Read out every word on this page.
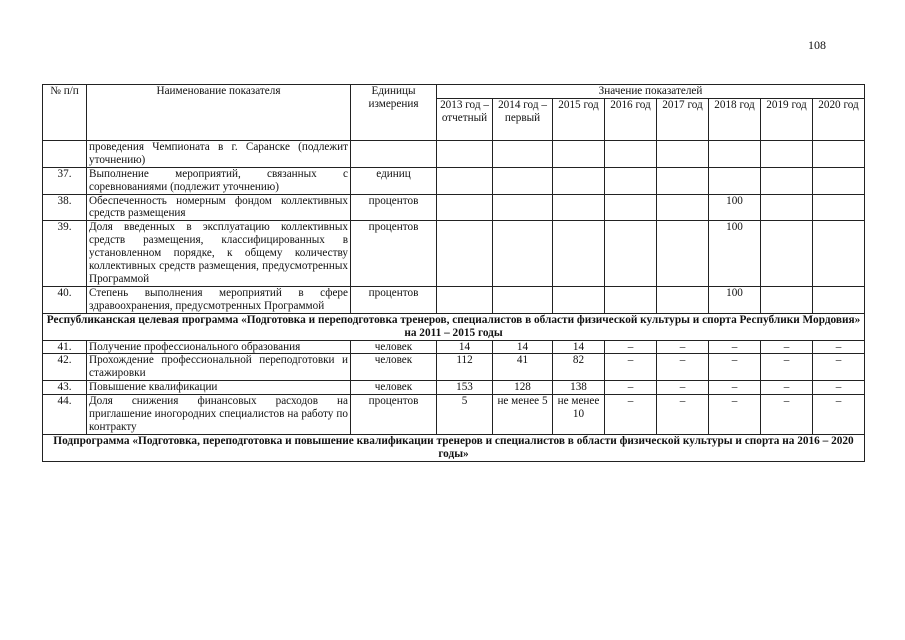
108
№ п/п	Наименование показателя	Единицы измерения	Значение показателей							
			2013 год – отчетный	2014 год – первый	2015 год	2016 год	2017 год	2018 год	2019 год	2020 год
	проведения Чемпионата в г. Саранске (подлежит уточнению)									
37.	Выполнение мероприятий, связанных с соревнованиями (подлежит уточнению)	единиц								
38.	Обеспеченность номерным фондом коллективных средств размещения	процентов						100		
39.	Доля введенных в эксплуатацию коллективных средств размещения, классифицированных в установленном порядке, к общему количеству коллективных средств размещения, предусмотренных Программой	процентов						100		
40.	Степень выполнения мероприятий в сфере здравоохранения, предусмотренных Программой	процентов						100		
Республиканская целевая программа «Подготовка и переподготовка тренеров, специалистов в области физической культуры и спорта Республики Мордовия» на 2011 – 2015 годы										
41.	Получение профессионального образования	человек	14	14	14	–	–	–	–	–
42.	Прохождение профессиональной переподготовки и стажировки	человек	112	41	82	–	–	–	–	–
43.	Повышение квалификации	человек	153	128	138	–	–	–	–	–
44.	Доля снижения финансовых расходов на приглашение иногородних специалистов на работу по контракту	процентов	5	не менее 5	не менее 10	–	–	–	–	–
Подпрограмма «Подготовка, переподготовка и повышение квалификации тренеров и специалистов в области физической культуры и спорта на 2016 – 2020 годы»										
